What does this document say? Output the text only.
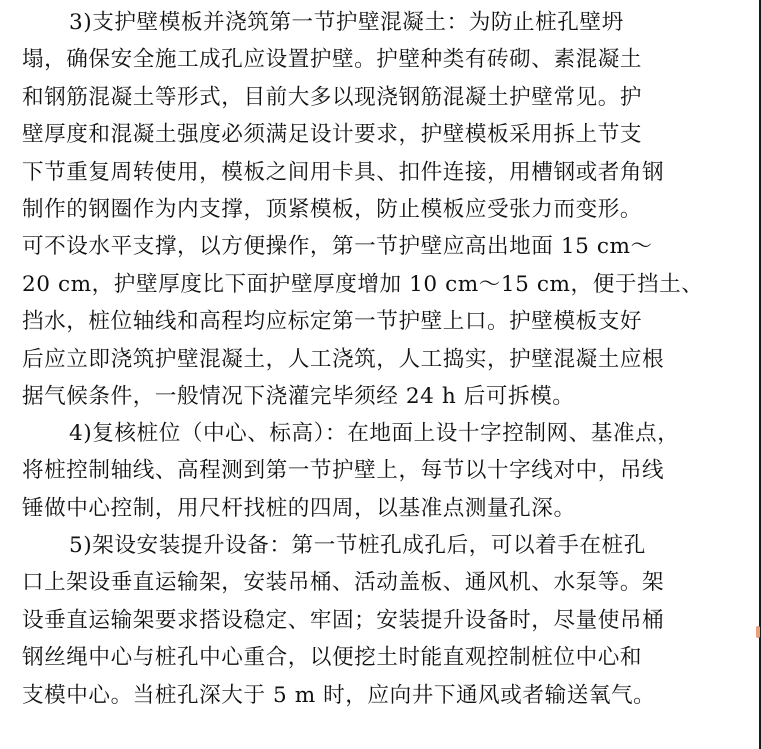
3)支护壁模板并浇筑第一节护壁混凝土：为防止桩孔壁坍
塌，确保安全施工成孔应设置护壁。护壁种类有砖砌、素混凝土
和钢筋混凝土等形式，目前大多以现浇钢筋混凝土护壁常见。护
壁厚度和混凝土强度必须满足设计要求，护壁模板采用拆上节支
下节重复周转使用，模板之间用卡具、扣件连接，用槽钢或者角钢
制作的钢圈作为内支撑，顶紧模板，防止模板应受张力而变形。
可不设水平支撑，以方便操作，第一节护壁应高出地面 15 cm～
20 cm，护壁厚度比下面护壁厚度增加 10 cm～15 cm，便于挡土、
挡水，桩位轴线和高程均应标定第一节护壁上口。护壁模板支好
后应立即浇筑护壁混凝土，人工浇筑，人工捣实，护壁混凝土应根
据气候条件，一般情况下浇灌完毕须经 24 h 后可拆模。
4)复核桩位（中心、标高）：在地面上设十字控制网、基准点，
将桩控制轴线、高程测到第一节护壁上，每节以十字线对中，吊线
锤做中心控制，用尺杆找桩的四周，以基准点测量孔深。
5)架设安装提升设备：第一节桩孔成孔后，可以着手在桩孔
口上架设垂直运输架，安装吊桶、活动盖板、通风机、水泵等。架
设垂直运输架要求搭设稳定、牢固；安装提升设备时，尽量使吊桶
钢丝绳中心与桩孔中心重合，以便挖土时能直观控制桩位中心和
支模中心。当桩孔深大于 5 m 时，应向井下通风或者输送氧气。
